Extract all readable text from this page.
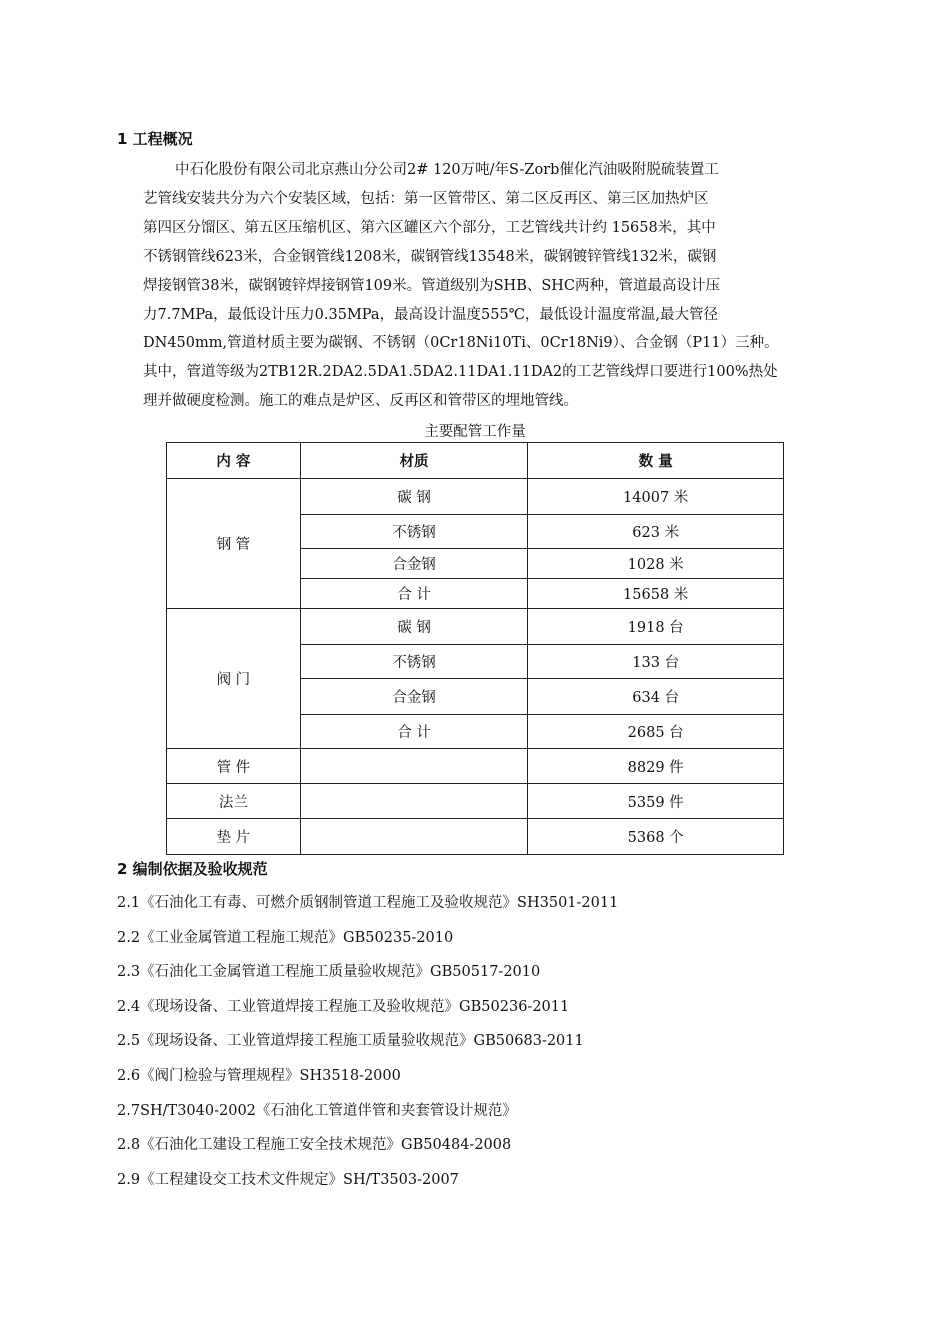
1 工程概况

中石化股份有限公司北京燕山分公司2# 120万吨/年S-Zorb催化汽油吸附脱硫装置工
艺管线安装共分为六个安装区域，包括：第一区管带区、第二区反再区、第三区加热炉区
第四区分馏区、第五区压缩机区、第六区罐区六个部分，工艺管线共计约 15658米，其中
不锈钢管线623米，合金钢管线1208米，碳钢管线13548米，碳钢镀锌管线132米，碳钢
焊接钢管38米，碳钢镀锌焊接钢管109米。管道级别为SHB、SHC两种，管道最高设计压
力7.7MPa，最低设计压力0.35MPa，最高设计温度555℃，最低设计温度常温,最大管径
DN450mm,管道材质主要为碳钢、不锈钢（0Cr18Ni10Ti、0Cr18Ni9）、合金钢（P11）三种。
其中，管道等级为2TB12R.2DA2.5DA1.5DA2.11DA1.11DA2的工艺管线焊口要进行100%热处
理并做硬度检测。施工的难点是炉区、反再区和管带区的埋地管线。

主要配管工作量
内 容	材质	数 量
钢 管	碳 钢	14007 米
	不锈钢	623 米
	合金钢	1028 米
	合 计	15658 米
阀 门	碳 钢	1918 台
	不锈钢	133 台
	合金钢	634 台
	合 计	2685 台
管 件		8829 件
法兰		5359 件
垫 片		5368 个
2 编制依据及验收规范
2.1《石油化工有毒、可燃介质钢制管道工程施工及验收规范》SH3501-2011
2.2《工业金属管道工程施工规范》GB50235-2010
2.3《石油化工金属管道工程施工质量验收规范》GB50517-2010
2.4《现场设备、工业管道焊接工程施工及验收规范》GB50236-2011
2.5《现场设备、工业管道焊接工程施工质量验收规范》GB50683-2011
2.6《阀门检验与管理规程》SH3518-2000
2.7SH/T3040-2002《石油化工管道伴管和夹套管设计规范》
2.8《石油化工建设工程施工安全技术规范》GB50484-2008
2.9《工程建设交工技术文件规定》SH/T3503-2007
